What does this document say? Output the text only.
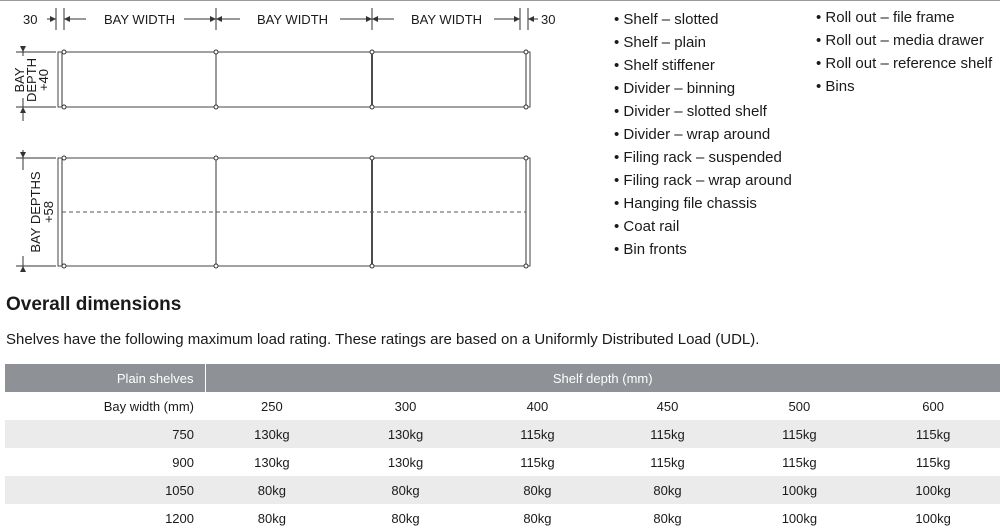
30	BAY WIDTH	BAY WIDTH	BAY WIDTH	30
BAY
DEPTH
+40
BAY DEPTHS
+58
• Shelf – slotted
• Shelf – plain
• Shelf stiffener
• Divider – binning
• Divider – slotted shelf
• Divider – wrap around
• Filing rack – suspended
• Filing rack – wrap around
• Hanging file chassis
• Coat rail
• Bin fronts
• Roll out – file frame
• Roll out – media drawer
• Roll out – reference shelf
• Bins
Overall dimensions
Shelves have the following maximum load rating. These ratings are based on a Uniformly Distributed Load (UDL).
Plain shelves	Shelf depth (mm)					
Bay width (mm)	250	300	400	450	500	600
750	130kg	130kg	115kg	115kg	115kg	115kg
900	130kg	130kg	115kg	115kg	115kg	115kg
1050	80kg	80kg	80kg	80kg	100kg	100kg
1200	80kg	80kg	80kg	80kg	100kg	100kg
